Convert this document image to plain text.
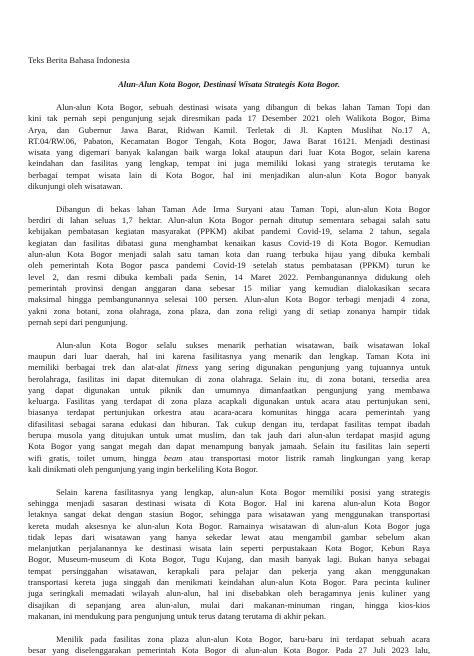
Teks Berita Bahasa Indonesia
Alun-Alun Kota Bogor, Destinasi Wisata Strategis Kota Bogor.
Alun-alun Kota Bogor, sebuah destinasi wisata yang dibangun di bekas lahan Taman Topi dan
kini tak pernah sepi pengunjung sejak diresmikan pada 17 Desember 2021 oleh Walikota Bogor, Bima
Arya, dan Gubernur Jawa Barat, Ridwan Kamil. Terletak di Jl. Kapten Muslihat No.17 A,
RT.04/RW.06, Pabaton, Kecamatan Bogor Tengah, Kota Bogor, Jawa Barat 16121. Menjadi destinasi
wisata yang digemari banyak kalangan baik warga lokal ataupun dari luar Kota Bogor, selain karena
keindahan dan fasilitas yang lengkap, tempat ini juga memiliki lokasi yang strategis terutama ke
berbagai tempat wisata lain di Kota Bogor, hal ini menjadikan alun-alun Kota Bogor banyak
dikunjungi oleh wisatawan.
Dibangun di bekas lahan Taman Ade Irma Suryani atau Taman Topi, alun-alun Kota Bogor
berdiri di lahan seluas 1,7 hektar. Alun-alun Kota Bogor pernah ditutup sementara sebagai salah satu
kebijakan pembatasan kegiatan masyarakat (PPKM) akibat pandemi Covid-19, selama 2 tahun, segala
kegiatan dan fasilitas dibatasi guna menghambat kenaikan kasus Covid-19 di Kota Bogor. Kemudian
alun-alun Kota Bogor menjadi salah satu taman kota dan ruang terbuka hijau yang dibuka kembali
oleh pemerintah Kota Bogor pasca pandemi Covid-19 setelah status pembatasan (PPKM) turun ke
level 2, dan resmi dibuka kembali pada Senin, 14 Maret 2022. Pembangunannya didukung oleh
pemerintah provinsi dengan anggaran dana sebesar 15 miliar yang kemudian dialokasikan secara
maksimal hingga pembangunannya selesai 100 persen. Alun-alun Kota Bogor terbagi menjadi 4 zona,
yakni zona botani, zona olahraga, zona plaza, dan zona religi yang di setiap zonanya hampir tidak
pernah sepi dari pengunjung.
Alun-alun Kota Bogor selalu sukses menarik perhatian wisatawan, baik wisatawan lokal
maupun dari luar daerah, hal ini karena fasilitasnya yang menarik dan lengkap. Taman Kota ini
memiliki berbagai trek dan alat-alat fitness yang sering digunakan pengunjung yang tujuannya untuk
berolahraga, fasilitas ini dapat ditemukan di zona olahraga. Selain itu, di zona botani, tersedia area
yang dapat digunakan untuk piknik dan umumnya dimanfaatkan pengunjung yang membawa
keluarga. Fasilitas yang terdapat di zona plaza acapkali digunakan untuk acara atau pertunjukan seni,
biasanya terdapat pertunjukan orkestra atau acara-acara komunitas hingga acara pemerintah yang
difasilitasi sebagai sarana edukasi dan hiburan. Tak cukup dengan itu, terdapat fasilitas tempat ibadah
berupa musola yang ditujukan untuk umat muslim, dan tak jauh dari alun-alun terdapat masjid agung
Kota Bogor yang sangat megah dan dapat menampung banyak jamaah. Selain itu fasilitas lain seperti
wifi gratis, toilet umum, hingga beam atau transportasi motor listrik ramah lingkungan yang kerap
kali dinikmati oleh pengunjung yang ingin berkeliling Kota Bogor.
Selain karena fasilitasnya yang lengkap, alun-alun Kota Bogor memiliki posisi yang strategis
sehingga menjadi sasaran destinasi wisata di Kota Bogor. Hal ini karena alun-alun Kota Bogor
letaknya sangat dekat dengan stasiun Bogor, sehingga para wisatawan yang menggunakan transportasi
kereta mudah aksesnya ke alun-alun Kota Bogor. Ramainya wisatawan di alun-alun Kota Bogor juga
tidak lepas dari wisatawan yang hanya sekedar lewat atau mengambil gambar sebelum akan
melanjutkan perjalanannya ke destinasi wisata lain seperti perpustakaan Kota Bogor, Kebun Raya
Bogor, Museum-museum di Kota Bogor, Tugu Kujang, dan masih banyak lagi. Bukan hanya sebagai
tempat persinggahan wisatawan, kerapkali para pelajar dan pekerja yang akan menggunakan
transportasi kereta juga singgah dan menikmati keindahan alun-alun Kota Bogor. Para pecinta kuliner
juga seringkali memadati wilayah alun-alun, hal ini disebabkan oleh beragamnya jenis kuliner yang
disajikan di sepanjang area alun-alun, mulai dari makanan-minuman ringan, hingga kios-kios
makanan, ini mendukung para pengunjung untuk terus datang terutama di akhir pekan.
Menilik pada fasilitas zona plaza alun-alun Kota Bogor, baru-baru ini terdapat sebuah acara
besar yang diselenggarakan pemerintah Kota Bogor di alun-alun Kota Bogor. Pada 27 Juli 2023 lalu,
